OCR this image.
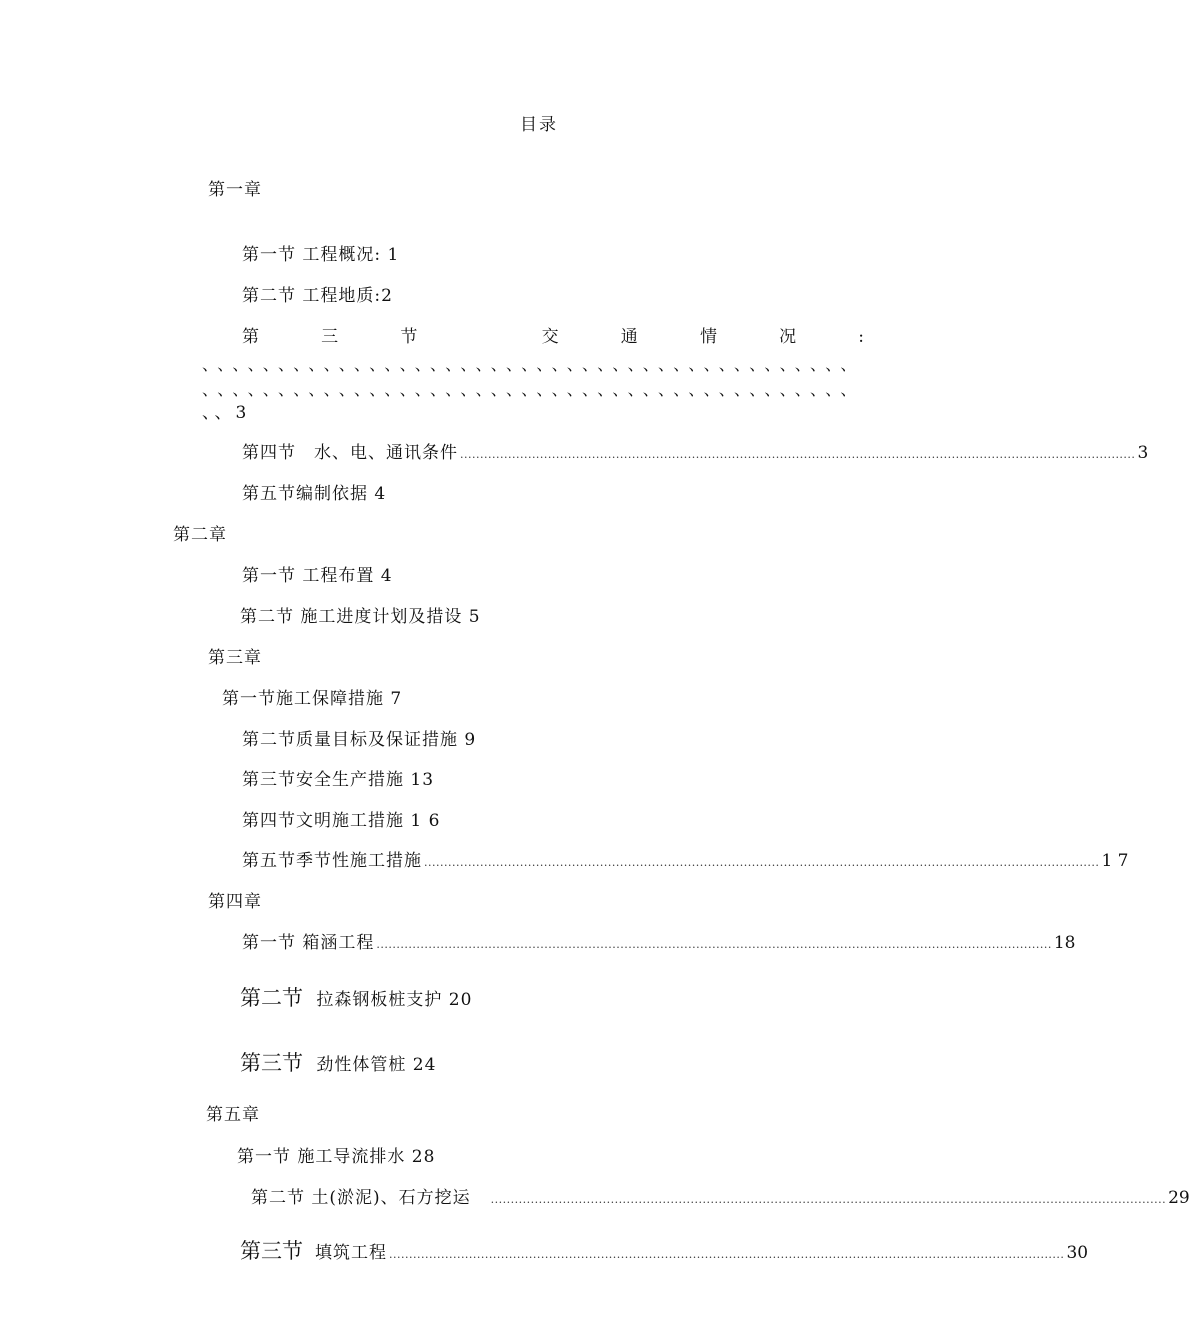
目录
第一章
第一节 工程概况: 1
第二节 工程地质:2
第	三	节	交	通	情	况	:
、、、、、、、、、、、、、、、、、、、、、、、、、、、、、、、、、、、、、、、、、、、
、、、、、、、、、、、、、、、、、、、、、、、、、、、、、、、、、、、、、、、、、、、
、、3
第四节　水、电、通讯条件 ......................................................................................................................................................................... 3
第五节编制依据 4
第二章
第一节 工程布置 4
第二节 施工进度计划及措设 5
第三章
第一节施工保障措施 7
第二节质量目标及保证措施 9
第三节安全生产措施 13
第四节文明施工措施 1 6
第五节季节性施工措施 ......................................................................................................................................................................... 1 7
第四章
第一节 箱涵工程 ......................................................................................................................................................................... 18
第二节 拉森钢板桩支护 20
第三节 劲性体管桩 24
第五章
第一节 施工导流排水 28
第二节 土(淤泥)、石方挖运 ......................................................................................................................................................................... 29
第三节 填筑工程 ......................................................................................................................................................................... 30
